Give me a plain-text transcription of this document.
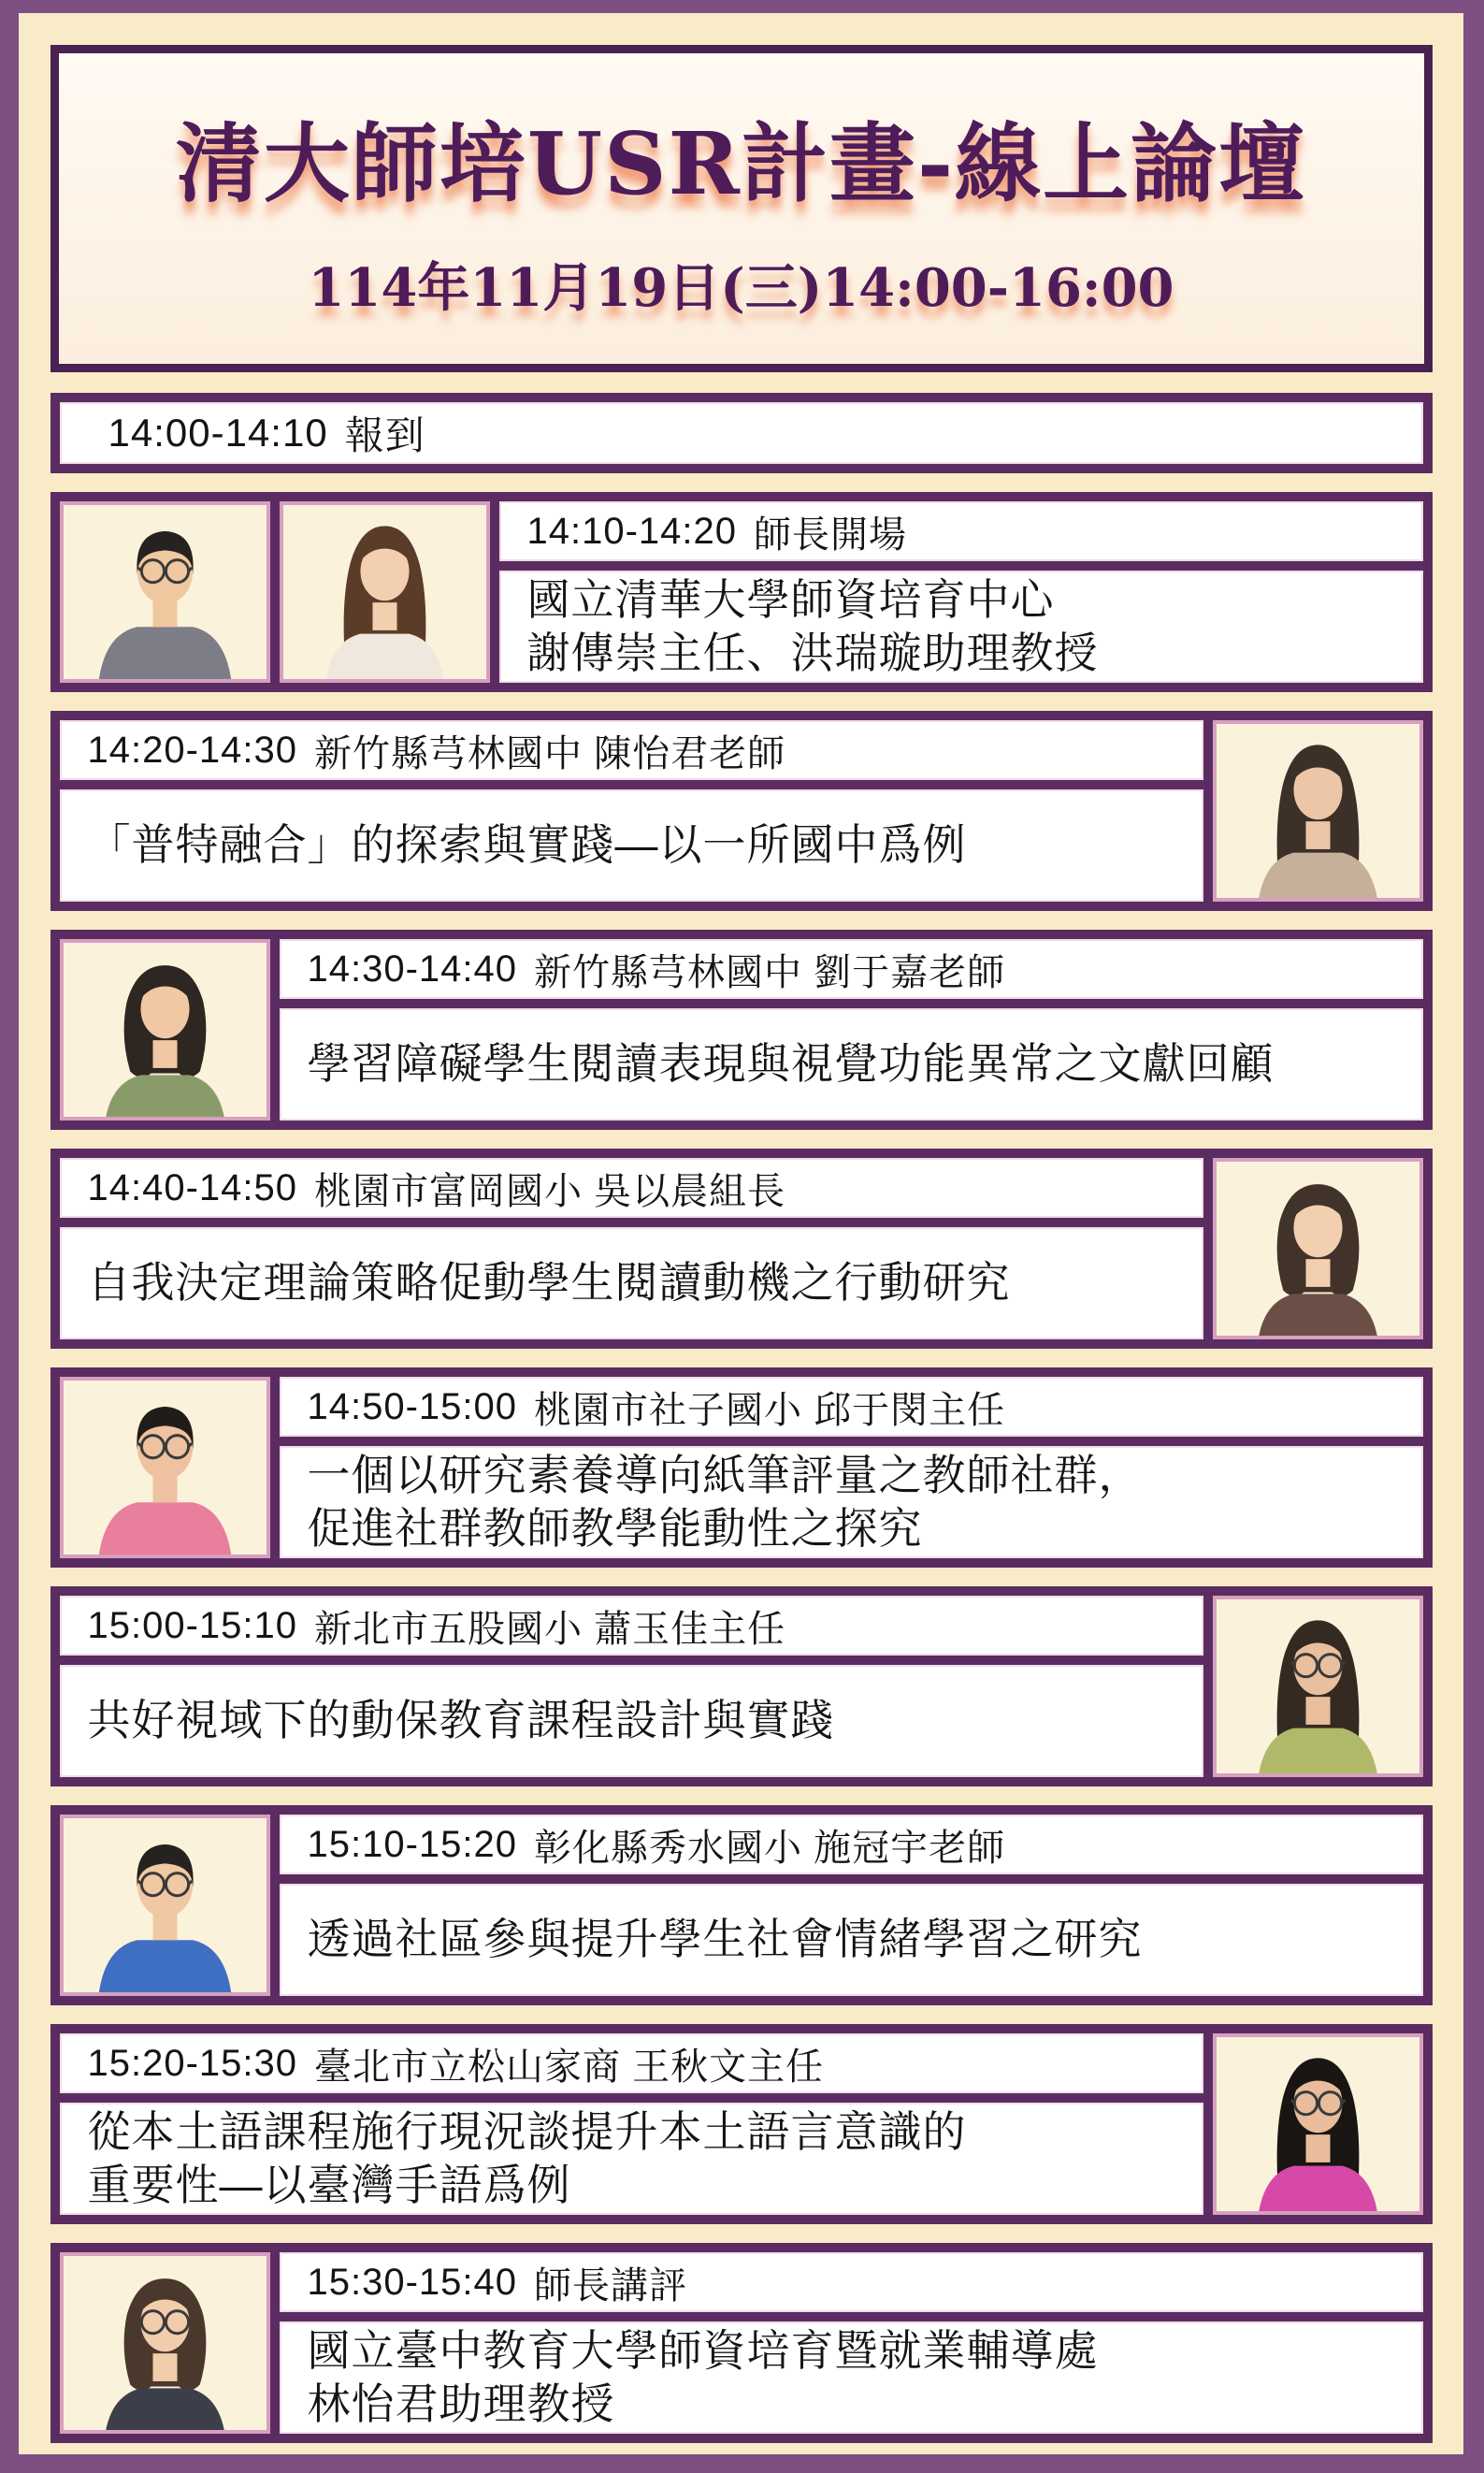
清大師培USR計畫-線上論壇
114年11月19日(三)14:00-16:00
14:00-14:10 報到
14:10-14:20 師長開場
國立清華大學師資培育中心
謝傳崇主任、洪瑞璇助理教授
14:20-14:30 新竹縣芎林國中 陳怡君老師
「普特融合」的探索與實踐—以一所國中爲例
14:30-14:40 新竹縣芎林國中 劉于嘉老師
學習障礙學生閱讀表現與視覺功能異常之文獻回顧
14:40-14:50 桃園市富岡國小 吳以晨組長
自我決定理論策略促動學生閱讀動機之行動研究
14:50-15:00 桃園市社子國小 邱于閔主任
一個以研究素養導向紙筆評量之教師社群，
促進社群教師教學能動性之探究
15:00-15:10 新北市五股國小 蕭玉佳主任
共好視域下的動保教育課程設計與實踐
15:10-15:20 彰化縣秀水國小 施冠宇老師
透過社區參與提升學生社會情緒學習之研究
15:20-15:30 臺北市立松山家商 王秋文主任
從本土語課程施行現況談提升本土語言意識的
重要性—以臺灣手語爲例
15:30-15:40 師長講評
國立臺中教育大學師資培育暨就業輔導處
林怡君助理教授
